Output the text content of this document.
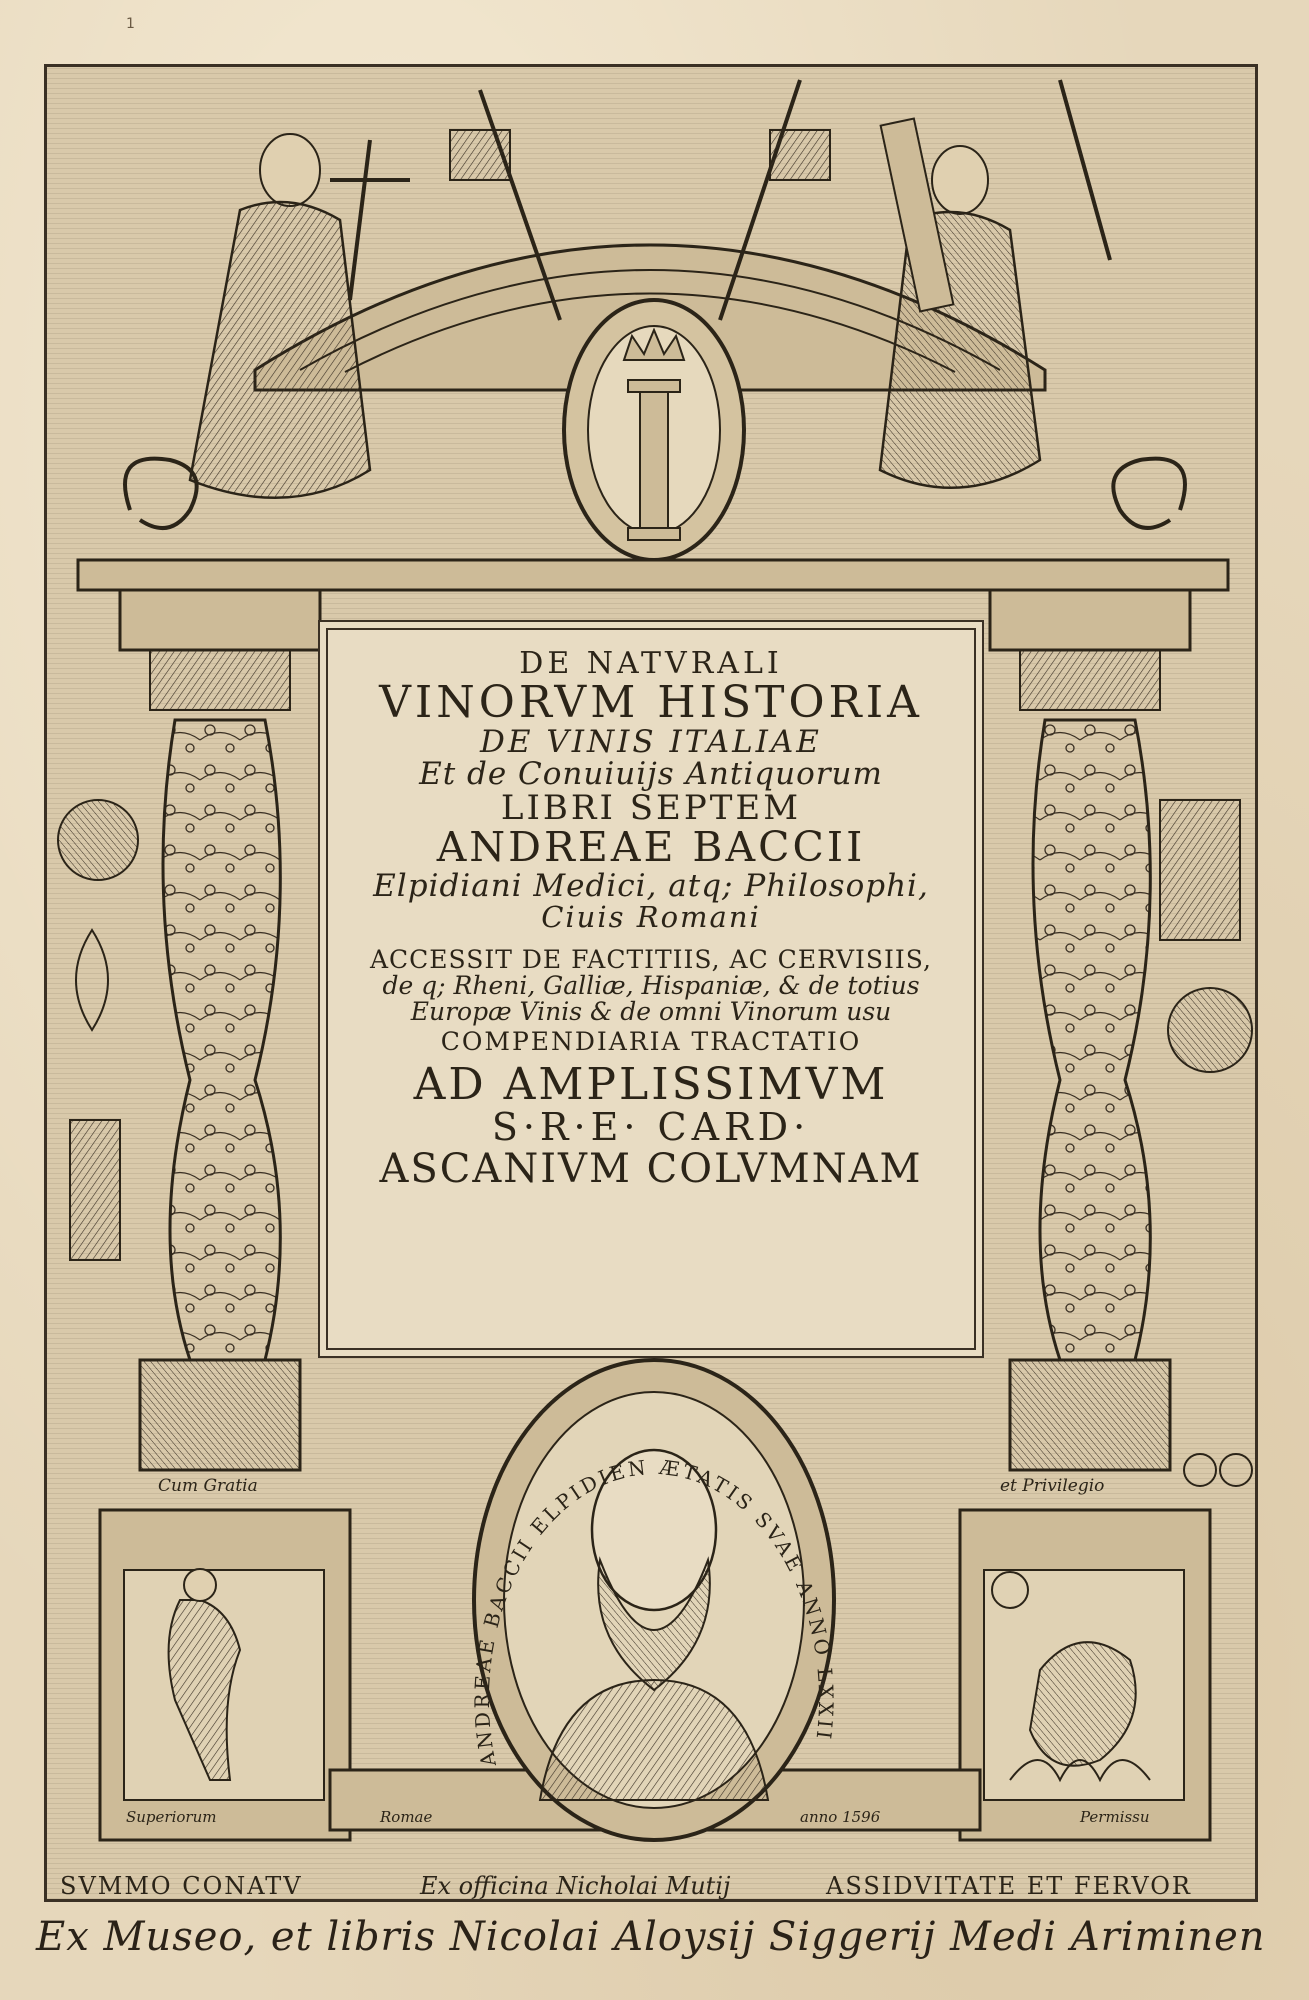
1
DE NATVRALI
VINORVM HISTORIA
DE VINIS ITALIAE
Et de Conuiuijs Antiquorum
LIBRI SEPTEM
ANDREAE BACCII
Elpidiani Medici, atq; Philosophi,
Ciuis Romani
ACCESSIT DE FACTITIIS, AC CERVISIIS,
de q; Rheni, Galliæ, Hispaniæ, & de totius
Europæ Vinis & de omni Vinorum usu
COMPENDIARIA TRACTATIO
AD AMPLISSIMVM
S·R·E· CARD·
ASCANIVM COLVMNAM
ANDREAE BACCII ELPIDIEN ÆTATIS SVAE ANNO LXXII
Cum Gratia	et Privilegio
Superiorum	Romae	anno 1596	Permissu
SVMMO CONATV	Ex officina Nicholai Mutij	ASSIDVITATE ET FERVOR
Ex Museo, et libris Nicolai Aloysij Siggerij Medi Ariminen
